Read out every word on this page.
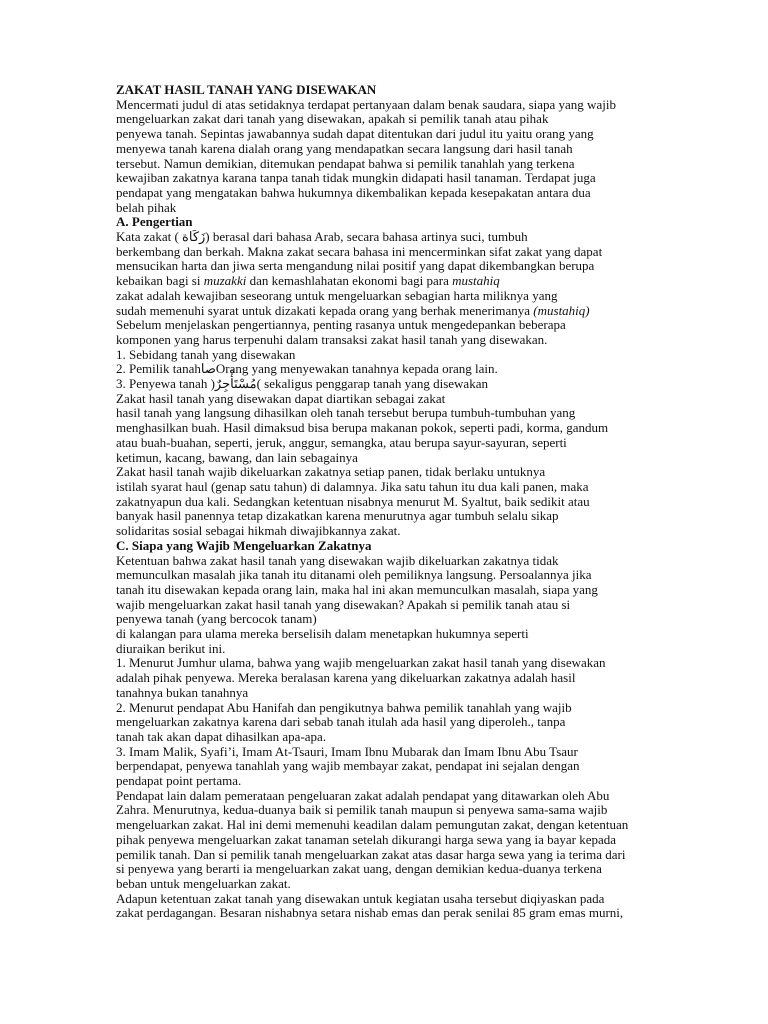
ZAKAT HASIL TANAH YANG DISEWAKAN
Mencermati judul di atas setidaknya terdapat pertanyaan dalam benak saudara, siapa yang wajib
mengeluarkan zakat dari tanah yang disewakan, apakah si pemilik tanah atau pihak
penyewa tanah. Sepintas jawabannya sudah dapat ditentukan dari judul itu yaitu orang yang
menyewa tanah karena dialah orang yang mendapatkan secara langsung dari hasil tanah
tersebut. Namun demikian, ditemukan pendapat bahwa si pemilik tanahlah yang terkena
kewajiban zakatnya karana tanpa tanah tidak mungkin didapati hasil tanaman. Terdapat juga
pendapat yang mengatakan bahwa hukumnya dikembalikan kepada kesepakatan antara dua
belah pihak
A. Pengertian
Kata zakat ( زَكَاة) berasal dari bahasa Arab, secara bahasa artinya suci, tumbuh
berkembang dan berkah. Makna zakat secara bahasa ini mencerminkan sifat zakat yang dapat
mensucikan harta dan jiwa serta mengandung nilai positif yang dapat dikembangkan berupa
kebaikan bagi si muzakki dan kemashlahatan ekonomi bagi para mustahiq
zakat adalah kewajiban seseorang untuk mengeluarkan sebagian harta miliknya yang
sudah memenuhi syarat untuk dizakati kepada orang yang berhak menerimanya (mustahiq)
Sebelum menjelaskan pengertiannya, penting rasanya untuk mengedepankan beberapa
komponen yang harus terpenuhi dalam transaksi zakat hasil tanah yang disewakan.
1. Sebidang tanah yang disewakan
2. Pemilik tanahصاOrang yang menyewakan tanahnya kepada orang lain.
3. Penyewa tanah )مُسْتَأْجِرٌ( sekaligus penggarap tanah yang disewakan
Zakat hasil tanah yang disewakan dapat diartikan sebagai zakat
hasil tanah yang langsung dihasilkan oleh tanah tersebut berupa tumbuh-tumbuhan yang
menghasilkan buah. Hasil dimaksud bisa berupa makanan pokok, seperti padi, korma, gandum
atau buah-buahan, seperti, jeruk, anggur, semangka, atau berupa sayur-sayuran, seperti
ketimun, kacang, bawang, dan lain sebagainya
Zakat hasil tanah wajib dikeluarkan zakatnya setiap panen, tidak berlaku untuknya
istilah syarat haul (genap satu tahun) di dalamnya. Jika satu tahun itu dua kali panen, maka
zakatnyapun dua kali. Sedangkan ketentuan nisabnya menurut M. Syaltut, baik sedikit atau
banyak hasil panennya tetap dizakatkan karena menurutnya agar tumbuh selalu sikap
solidaritas sosial sebagai hikmah diwajibkannya zakat.
C. Siapa yang Wajib Mengeluarkan Zakatnya
Ketentuan bahwa zakat hasil tanah yang disewakan wajib dikeluarkan zakatnya tidak
memunculkan masalah jika tanah itu ditanami oleh pemiliknya langsung. Persoalannya jika
tanah itu disewakan kepada orang lain, maka hal ini akan memunculkan masalah, siapa yang
wajib mengeluarkan zakat hasil tanah yang disewakan? Apakah si pemilik tanah atau si
penyewa tanah (yang bercocok tanam)
di kalangan para ulama mereka berselisih dalam menetapkan hukumnya seperti
diuraikan berikut ini.
1. Menurut Jumhur ulama, bahwa yang wajib mengeluarkan zakat hasil tanah yang disewakan
adalah pihak penyewa. Mereka beralasan karena yang dikeluarkan zakatnya adalah hasil
tanahnya bukan tanahnya
2. Menurut pendapat Abu Hanifah dan pengikutnya bahwa pemilik tanahlah yang wajib
mengeluarkan zakatnya karena dari sebab tanah itulah ada hasil yang diperoleh., tanpa
tanah tak akan dapat dihasilkan apa-apa.
3. Imam Malik, Syafi’i, Imam At-Tsauri, Imam Ibnu Mubarak dan Imam Ibnu Abu Tsaur
berpendapat, penyewa tanahlah yang wajib membayar zakat, pendapat ini sejalan dengan
pendapat point pertama.
Pendapat lain dalam pemerataan pengeluaran zakat adalah pendapat yang ditawarkan oleh Abu
Zahra. Menurutnya, kedua-duanya baik si pemilik tanah maupun si penyewa sama-sama wajib
mengeluarkan zakat. Hal ini demi memenuhi keadilan dalam pemungutan zakat, dengan ketentuan
pihak penyewa mengeluarkan zakat tanaman setelah dikurangi harga sewa yang ia bayar kepada
pemilik tanah. Dan si pemilik tanah mengeluarkan zakat atas dasar harga sewa yang ia terima dari
si penyewa yang berarti ia mengeluarkan zakat uang, dengan demikian kedua-duanya terkena
beban untuk mengeluarkan zakat.
Adapun ketentuan zakat tanah yang disewakan untuk kegiatan usaha tersebut diqiyaskan pada
zakat perdagangan. Besaran nishabnya setara nishab emas dan perak senilai 85 gram emas murni,
